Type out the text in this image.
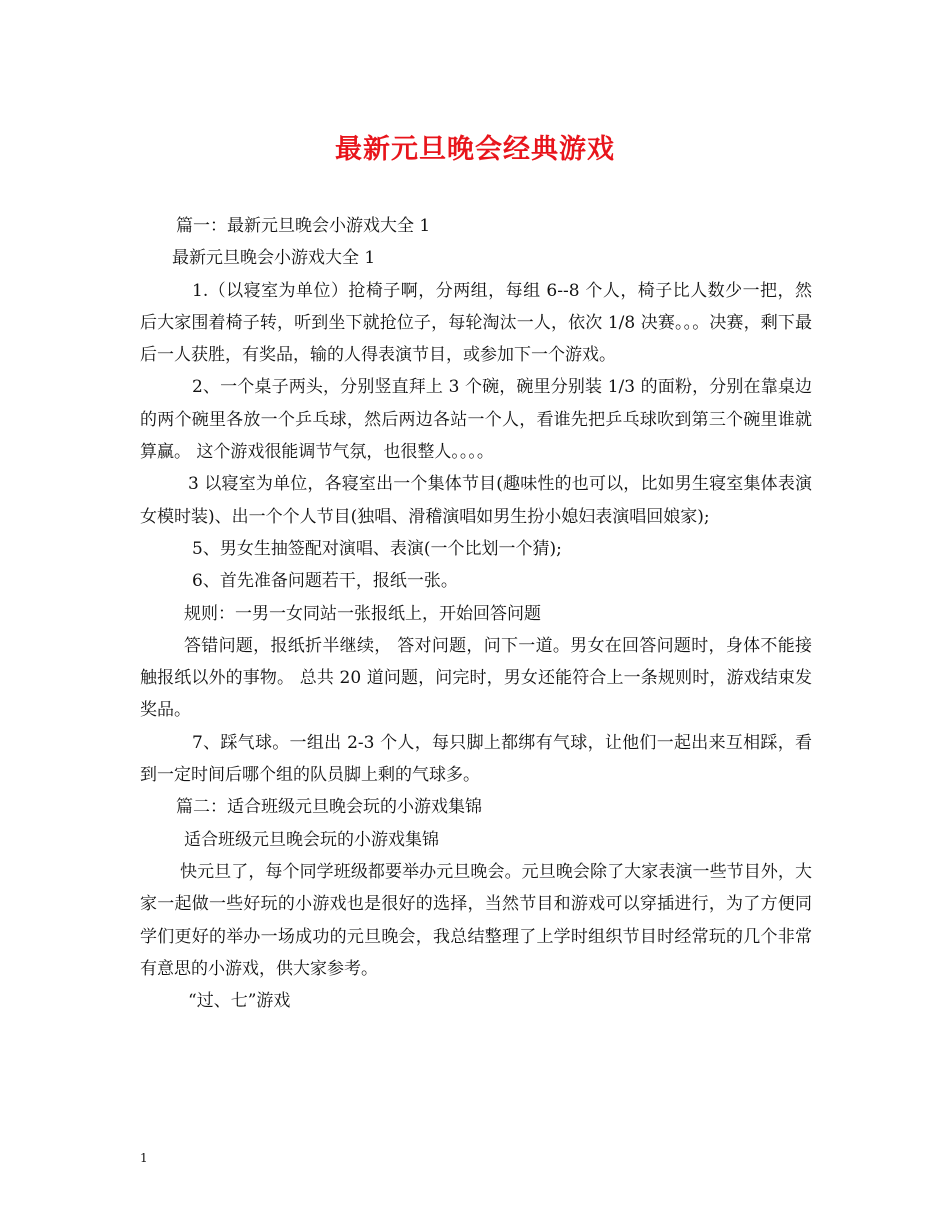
最新元旦晚会经典游戏

篇一：最新元旦晚会小游戏大全 1

最新元旦晚会小游戏大全 1

1.（以寝室为单位）抢椅子啊，分两组，每组 6--8 个人，椅子比人数少一把，然后大家围着椅子转，听到坐下就抢位子，每轮淘汰一人，依次 1/8 决赛。。。决赛，剩下最后一人获胜，有奖品，输的人得表演节目，或参加下一个游戏。

2、一个桌子两头，分别竖直拜上 3 个碗，碗里分别装 1/3 的面粉，分别在靠桌边的两个碗里各放一个乒乓球，然后两边各站一个人，看谁先把乒乓球吹到第三个碗里谁就算赢。 这个游戏很能调节气氛，也很整人。。。。

3 以寝室为单位，各寝室出一个集体节目(趣味性的也可以，比如男生寝室集体表演女模时装)、出一个个人节目(独唱、滑稽演唱如男生扮小媳妇表演唱回娘家);

5、男女生抽签配对演唱、表演(一个比划一个猜);

6、首先准备问题若干，报纸一张。

规则：一男一女同站一张报纸上，开始回答问题

答错问题，报纸折半继续， 答对问题，问下一道。男女在回答问题时，身体不能接触报纸以外的事物。 总共 20 道问题，问完时，男女还能符合上一条规则时，游戏结束发奖品。

7、踩气球。一组出 2-3 个人，每只脚上都绑有气球，让他们一起出来互相踩，看到一定时间后哪个组的队员脚上剩的气球多。

篇二：适合班级元旦晚会玩的小游戏集锦

适合班级元旦晚会玩的小游戏集锦

快元旦了，每个同学班级都要举办元旦晚会。元旦晚会除了大家表演一些节目外，大家一起做一些好玩的小游戏也是很好的选择，当然节目和游戏可以穿插进行，为了方便同学们更好的举办一场成功的元旦晚会，我总结整理了上学时组织节目时经常玩的几个非常有意思的小游戏，供大家参考。

“过、七”游戏

1
